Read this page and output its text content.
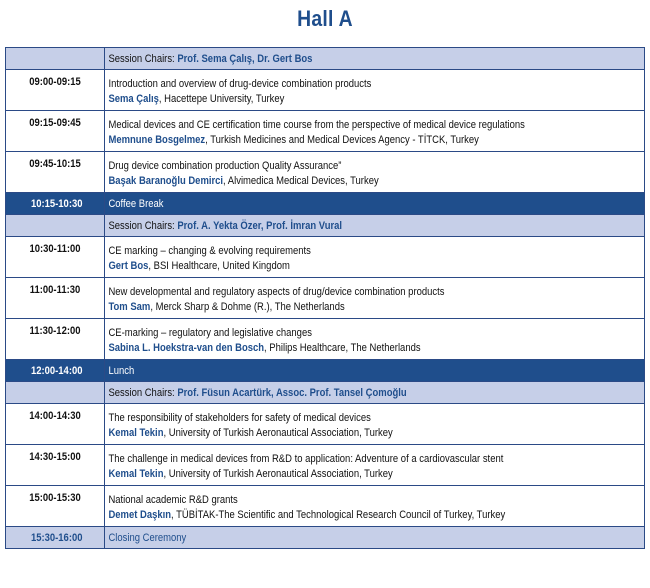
Hall A

	Session Chairs: Prof. Sema Çalış, Dr. Gert Bos

09:00-09:15	Introduction and overview of drug-device combination products
Sema Çalış, Hacettepe University, Turkey

09:15-09:45	Medical devices and CE certification time course from the perspective of medical device regulations
Memnune Bosgelmez, Turkish Medicines and Medical Devices Agency - TİTCK, Turkey

09:45-10:15	Drug device combination production Quality Assurance”
Başak Baranoğlu Demirci, Alvimedica Medical Devices, Turkey

10:15-10:30	Coffee Break

	Session Chairs: Prof. A. Yekta Özer, Prof. İmran Vural

10:30-11:00	CE marking – changing & evolving requirements
Gert Bos, BSI Healthcare, United Kingdom

11:00-11:30	New developmental and regulatory aspects of drug/device combination products
Tom Sam, Merck Sharp & Dohme (R.), The Netherlands

11:30-12:00	CE-marking – regulatory and legislative changes
Sabina L. Hoekstra-van den Bosch, Philips Healthcare, The Netherlands

12:00-14:00	Lunch

	Session Chairs: Prof. Füsun Acartürk, Assoc. Prof. Tansel Çomoğlu

14:00-14:30	The responsibility of stakeholders for safety of medical devices
Kemal Tekin, University of Turkish Aeronautical Association, Turkey

14:30-15:00	The challenge in medical devices from R&D to application: Adventure of a cardiovascular stent
Kemal Tekin, University of Turkish Aeronautical Association, Turkey

15:00-15:30	National academic R&D grants
Demet Daşkın, TÜBİTAK-The Scientific and Technological Research Council of Turkey, Turkey

15:30-16:00	Closing Ceremony
